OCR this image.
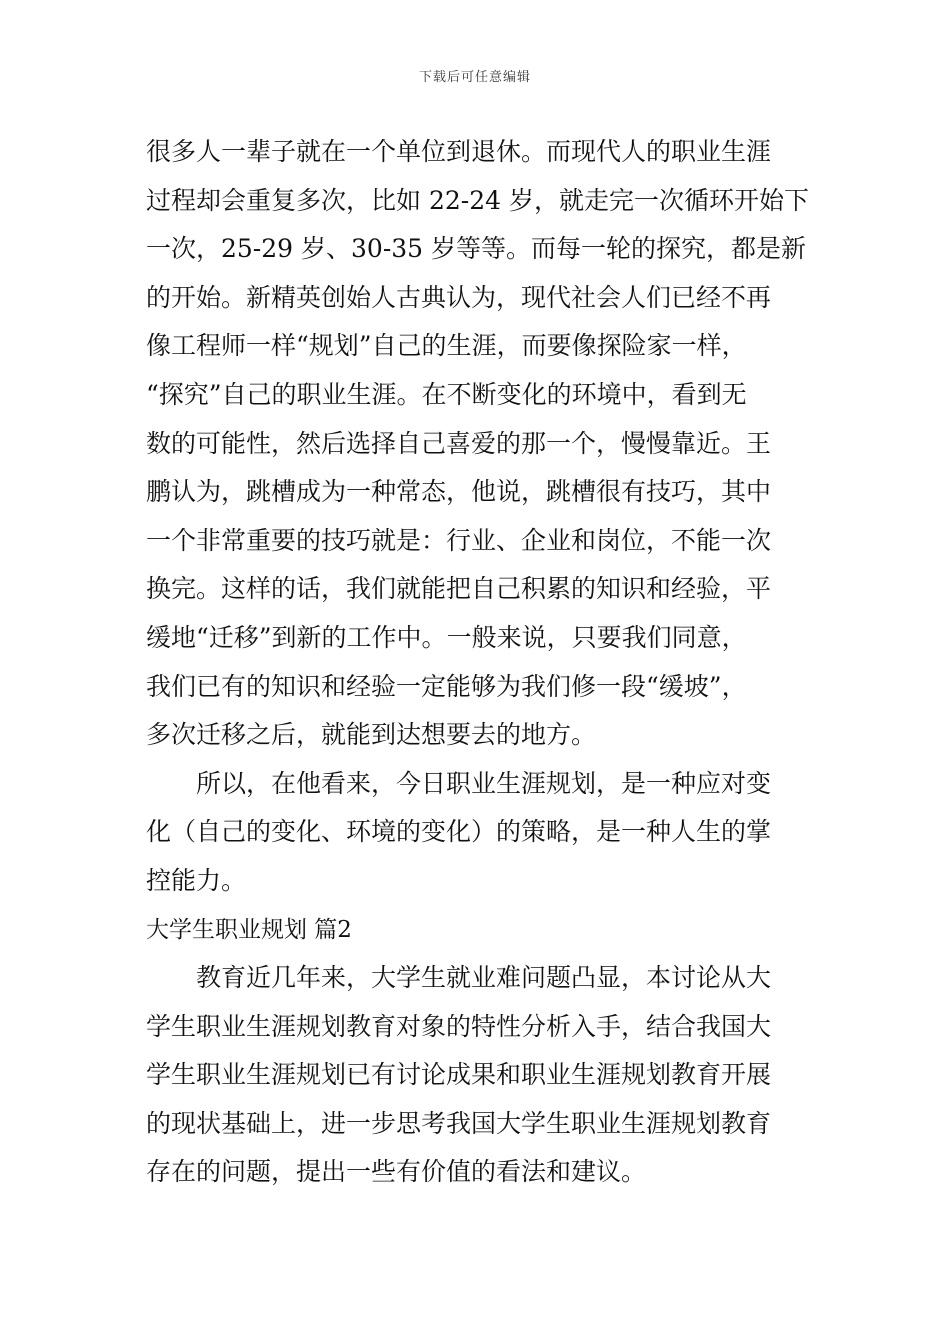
下载后可任意编辑
很多人一辈子就在一个单位到退休。而现代人的职业生涯
过程却会重复多次，比如 22-24 岁，就走完一次循环开始下
一次，25-29 岁、30-35 岁等等。而每一轮的探究，都是新
的开始。新精英创始人古典认为，现代社会人们已经不再
像工程师一样“规划”自己的生涯，而要像探险家一样，
“探究”自己的职业生涯。在不断变化的环境中，看到无
数的可能性，然后选择自己喜爱的那一个，慢慢靠近。王
鹏认为，跳槽成为一种常态，他说，跳槽很有技巧，其中
一个非常重要的技巧就是：行业、企业和岗位，不能一次
换完。这样的话，我们就能把自己积累的知识和经验，平
缓地“迁移”到新的工作中。一般来说，只要我们同意，
我们已有的知识和经验一定能够为我们修一段“缓坡”，
多次迁移之后，就能到达想要去的地方。
所以，在他看来，今日职业生涯规划，是一种应对变
化（自己的变化、环境的变化）的策略，是一种人生的掌
控能力。
大学生职业规划 篇2
教育近几年来，大学生就业难问题凸显，本讨论从大
学生职业生涯规划教育对象的特性分析入手，结合我国大
学生职业生涯规划已有讨论成果和职业生涯规划教育开展
的现状基础上，进一步思考我国大学生职业生涯规划教育
存在的问题，提出一些有价值的看法和建议。
